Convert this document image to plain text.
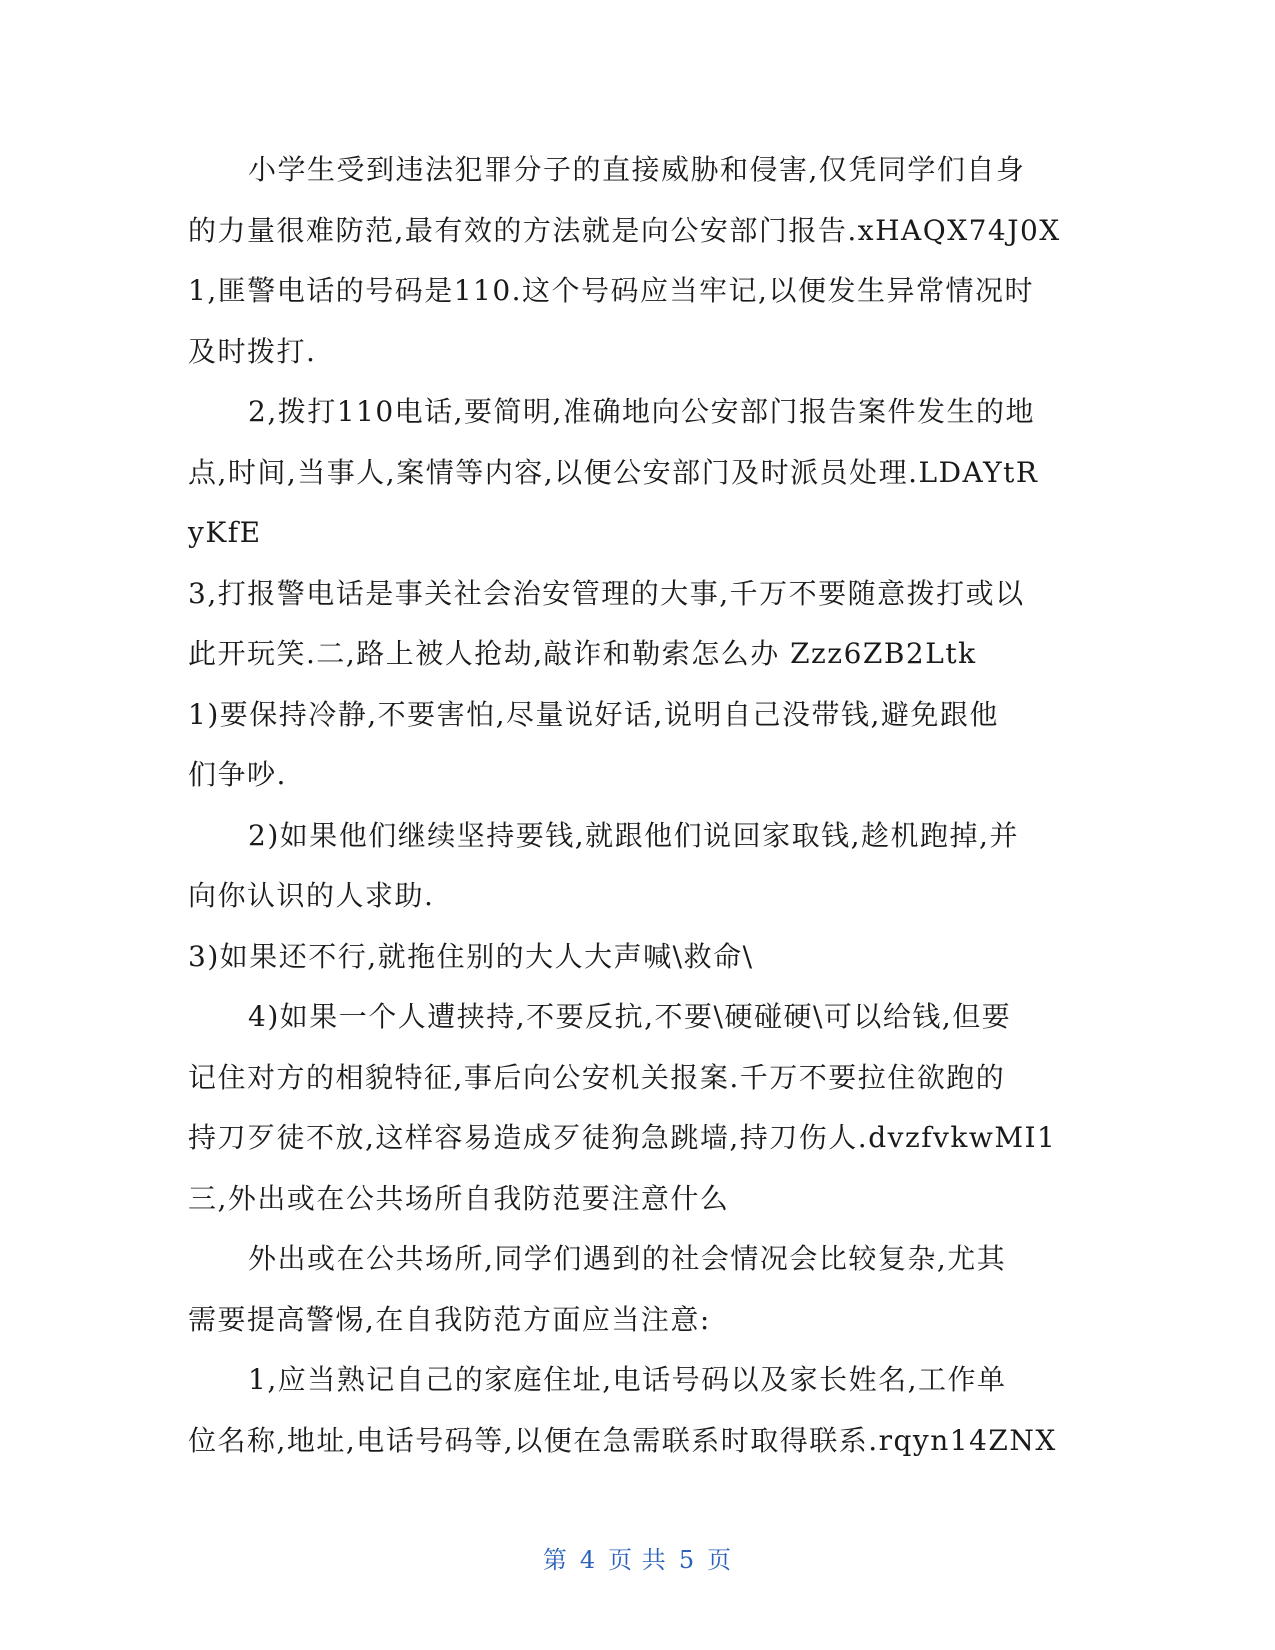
小学生受到违法犯罪分子的直接威胁和侵害,仅凭同学们自身
的力量很难防范,最有效的方法就是向公安部门报告.xHAQX74J0X
1,匪警电话的号码是110.这个号码应当牢记,以便发生异常情况时
及时拨打.
2,拨打110电话,要简明,准确地向公安部门报告案件发生的地
点,时间,当事人,案情等内容,以便公安部门及时派员处理.LDAYtR
yKfE
3,打报警电话是事关社会治安管理的大事,千万不要随意拨打或以
此开玩笑.二,路上被人抢劫,敲诈和勒索怎么办 Zzz6ZB2Ltk
1)要保持冷静,不要害怕,尽量说好话,说明自己没带钱,避免跟他
们争吵.
2)如果他们继续坚持要钱,就跟他们说回家取钱,趁机跑掉,并
向你认识的人求助.
3)如果还不行,就拖住别的大人大声喊\救命\
4)如果一个人遭挟持,不要反抗,不要\硬碰硬\可以给钱,但要
记住对方的相貌特征,事后向公安机关报案.千万不要拉住欲跑的
持刀歹徒不放,这样容易造成歹徒狗急跳墙,持刀伤人.dvzfvkwMI1
三,外出或在公共场所自我防范要注意什么
外出或在公共场所,同学们遇到的社会情况会比较复杂,尤其
需要提高警惕,在自我防范方面应当注意:
1,应当熟记自己的家庭住址,电话号码以及家长姓名,工作单
位名称,地址,电话号码等,以便在急需联系时取得联系.rqyn14ZNX
第 4 页 共 5 页
